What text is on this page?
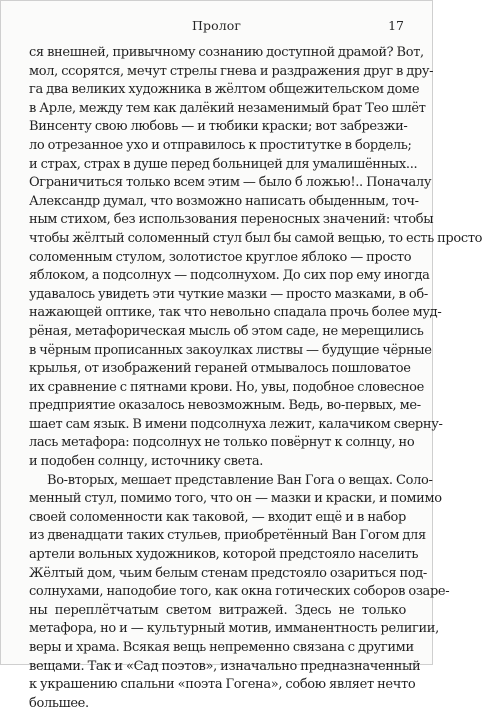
Пролог	17
ся внешней, привычному сознанию доступной драмой? Вот,
мол, ссорятся, мечут стрелы гнева и раздражения друг в дру-
га два великих художника в жёлтом общежительском доме
в Арле, между тем как далёкий незаменимый брат Тео шлёт
Винсенту свою любовь — и тюбики краски; вот забрезжи-
ло отрезанное ухо и отправилось к проститутке в бордель;
и страх, страх в душе перед больницей для умалишённых...
Ограничиться только всем этим — было б ложью!.. Поначалу
Александр думал, что возможно написать обыденным, точ-
ным стихом, без использования переносных значений: чтобы
чтобы жёлтый соломенный стул был бы самой вещью, то есть просто
соломенным стулом, золотистое круглое яблоко — просто
яблоком, а подсолнух — подсолнухом. До сих пор ему иногда
удавалось увидеть эти чуткие мазки — просто мазками, в об-
нажающей оптике, так что невольно спадала прочь более муд-
рёная, метафорическая мысль об этом саде, не мерещились
в чёрным прописанных закоулках листвы — будущие чёрные
крылья, от изображений гераней отмывалось пошловатое
их сравнение с пятнами крови. Но, увы, подобное словесное
предприятие оказалось невозможным. Ведь, во-первых, ме-
шает сам язык. В имени подсолнуха лежит, калачиком сверну-
лась метафора: подсолнух не только повёрнут к солнцу, но
и подобен солнцу, источнику света.
Во-вторых, мешает представление Ван Гога о вещах. Соло-
менный стул, помимо того, что он — мазки и краски, и помимо
своей соломенности как таковой, — входит ещё и в набор
из двенадцати таких стульев, приобретённый Ван Гогом для
артели вольных художников, которой предстояло населить
Жёлтый дом, чьим белым стенам предстояло озариться под-
солнухами, наподобие того, как окна готических соборов озаре-
ны переплётчатым светом витражей. Здесь не только
метафора, но и — культурный мотив, имманентность религии,
веры и храма. Всякая вещь непременно связана с другими
вещами. Так и «Сад поэтов», изначально предназначенный
к украшению спальни «поэта Гогена», собою являет нечто
большее.
